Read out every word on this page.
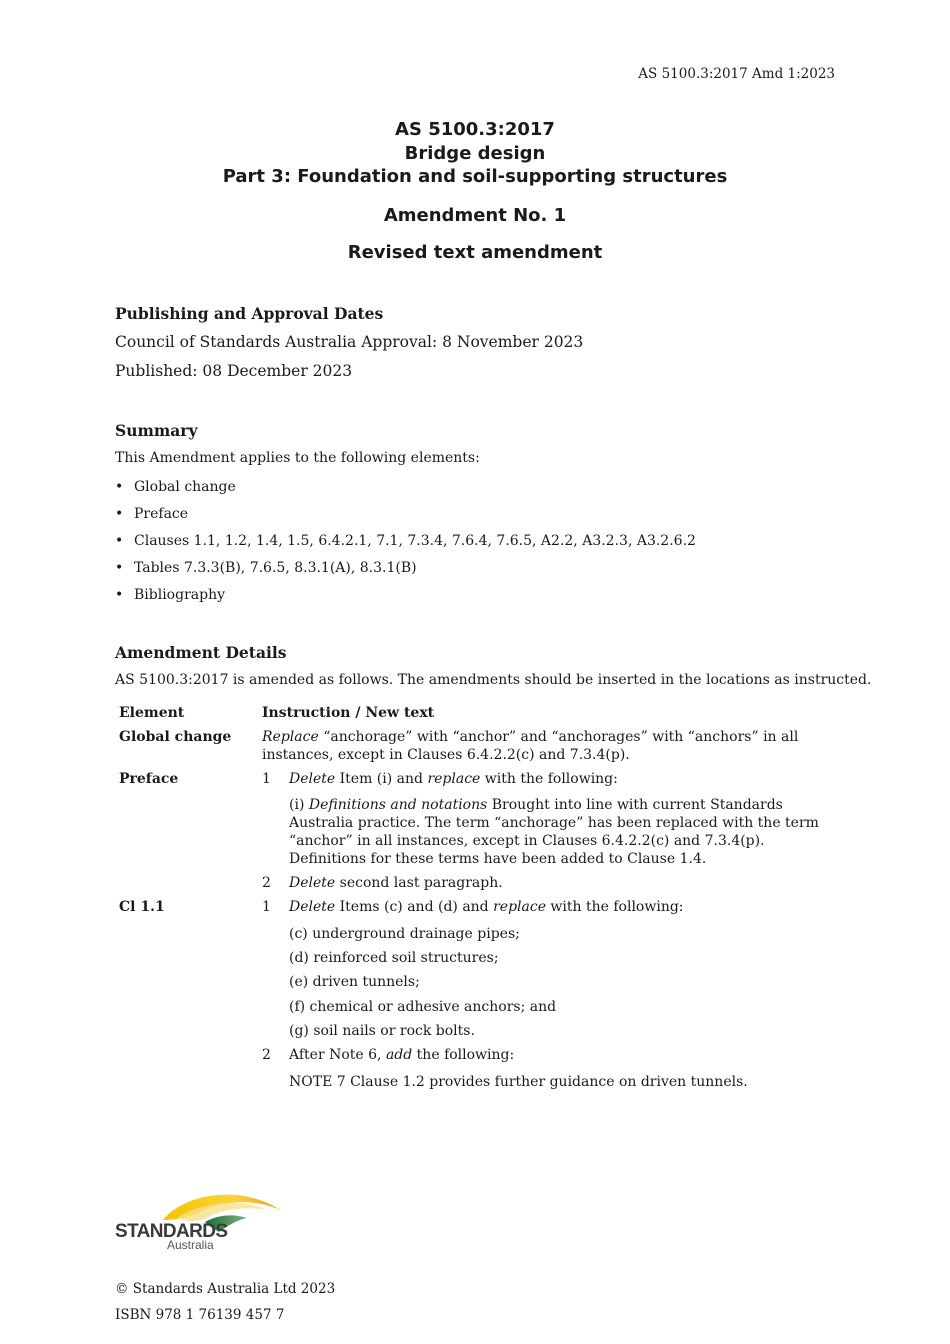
AS 5100.3:2017 Amd 1:2023
AS 5100.3:2017
Bridge design
Part 3: Foundation and soil-supporting structures
Amendment No. 1
Revised text amendment
Publishing and Approval Dates
Council of Standards Australia Approval: 8 November 2023
Published: 08 December 2023
Summary
This Amendment applies to the following elements:
• Global change
• Preface
• Clauses 1.1, 1.2, 1.4, 1.5, 6.4.2.1, 7.1, 7.3.4, 7.6.4, 7.6.5, A2.2, A3.2.3, A3.2.6.2
• Tables 7.3.3(B), 7.6.5, 8.3.1(A), 8.3.1(B)
• Bibliography
Amendment Details
AS 5100.3:2017 is amended as follows. The amendments should be inserted in the locations as instructed.
Element	Instruction / New text
Global change	Replace “anchorage” with “anchor” and “anchorages” with “anchors” in all instances, except in Clauses 6.4.2.2(c) and 7.3.4(p).
Preface	1	Delete Item (i) and replace with the following:
(i) Definitions and notations Brought into line with current Standards Australia practice. The term “anchorage” has been replaced with the term “anchor” in all instances, except in Clauses 6.4.2.2(c) and 7.3.4(p). Definitions for these terms have been added to Clause 1.4.
2	Delete second last paragraph.
Cl 1.1	1	Delete Items (c) and (d) and replace with the following:
(c) underground drainage pipes;
(d) reinforced soil structures;
(e) driven tunnels;
(f) chemical or adhesive anchors; and
(g) soil nails or rock bolts.
2	After Note 6, add the following:
NOTE 7 Clause 1.2 provides further guidance on driven tunnels.
STANDARDS
Australia
© Standards Australia Ltd 2023
ISBN 978 1 76139 457 7
